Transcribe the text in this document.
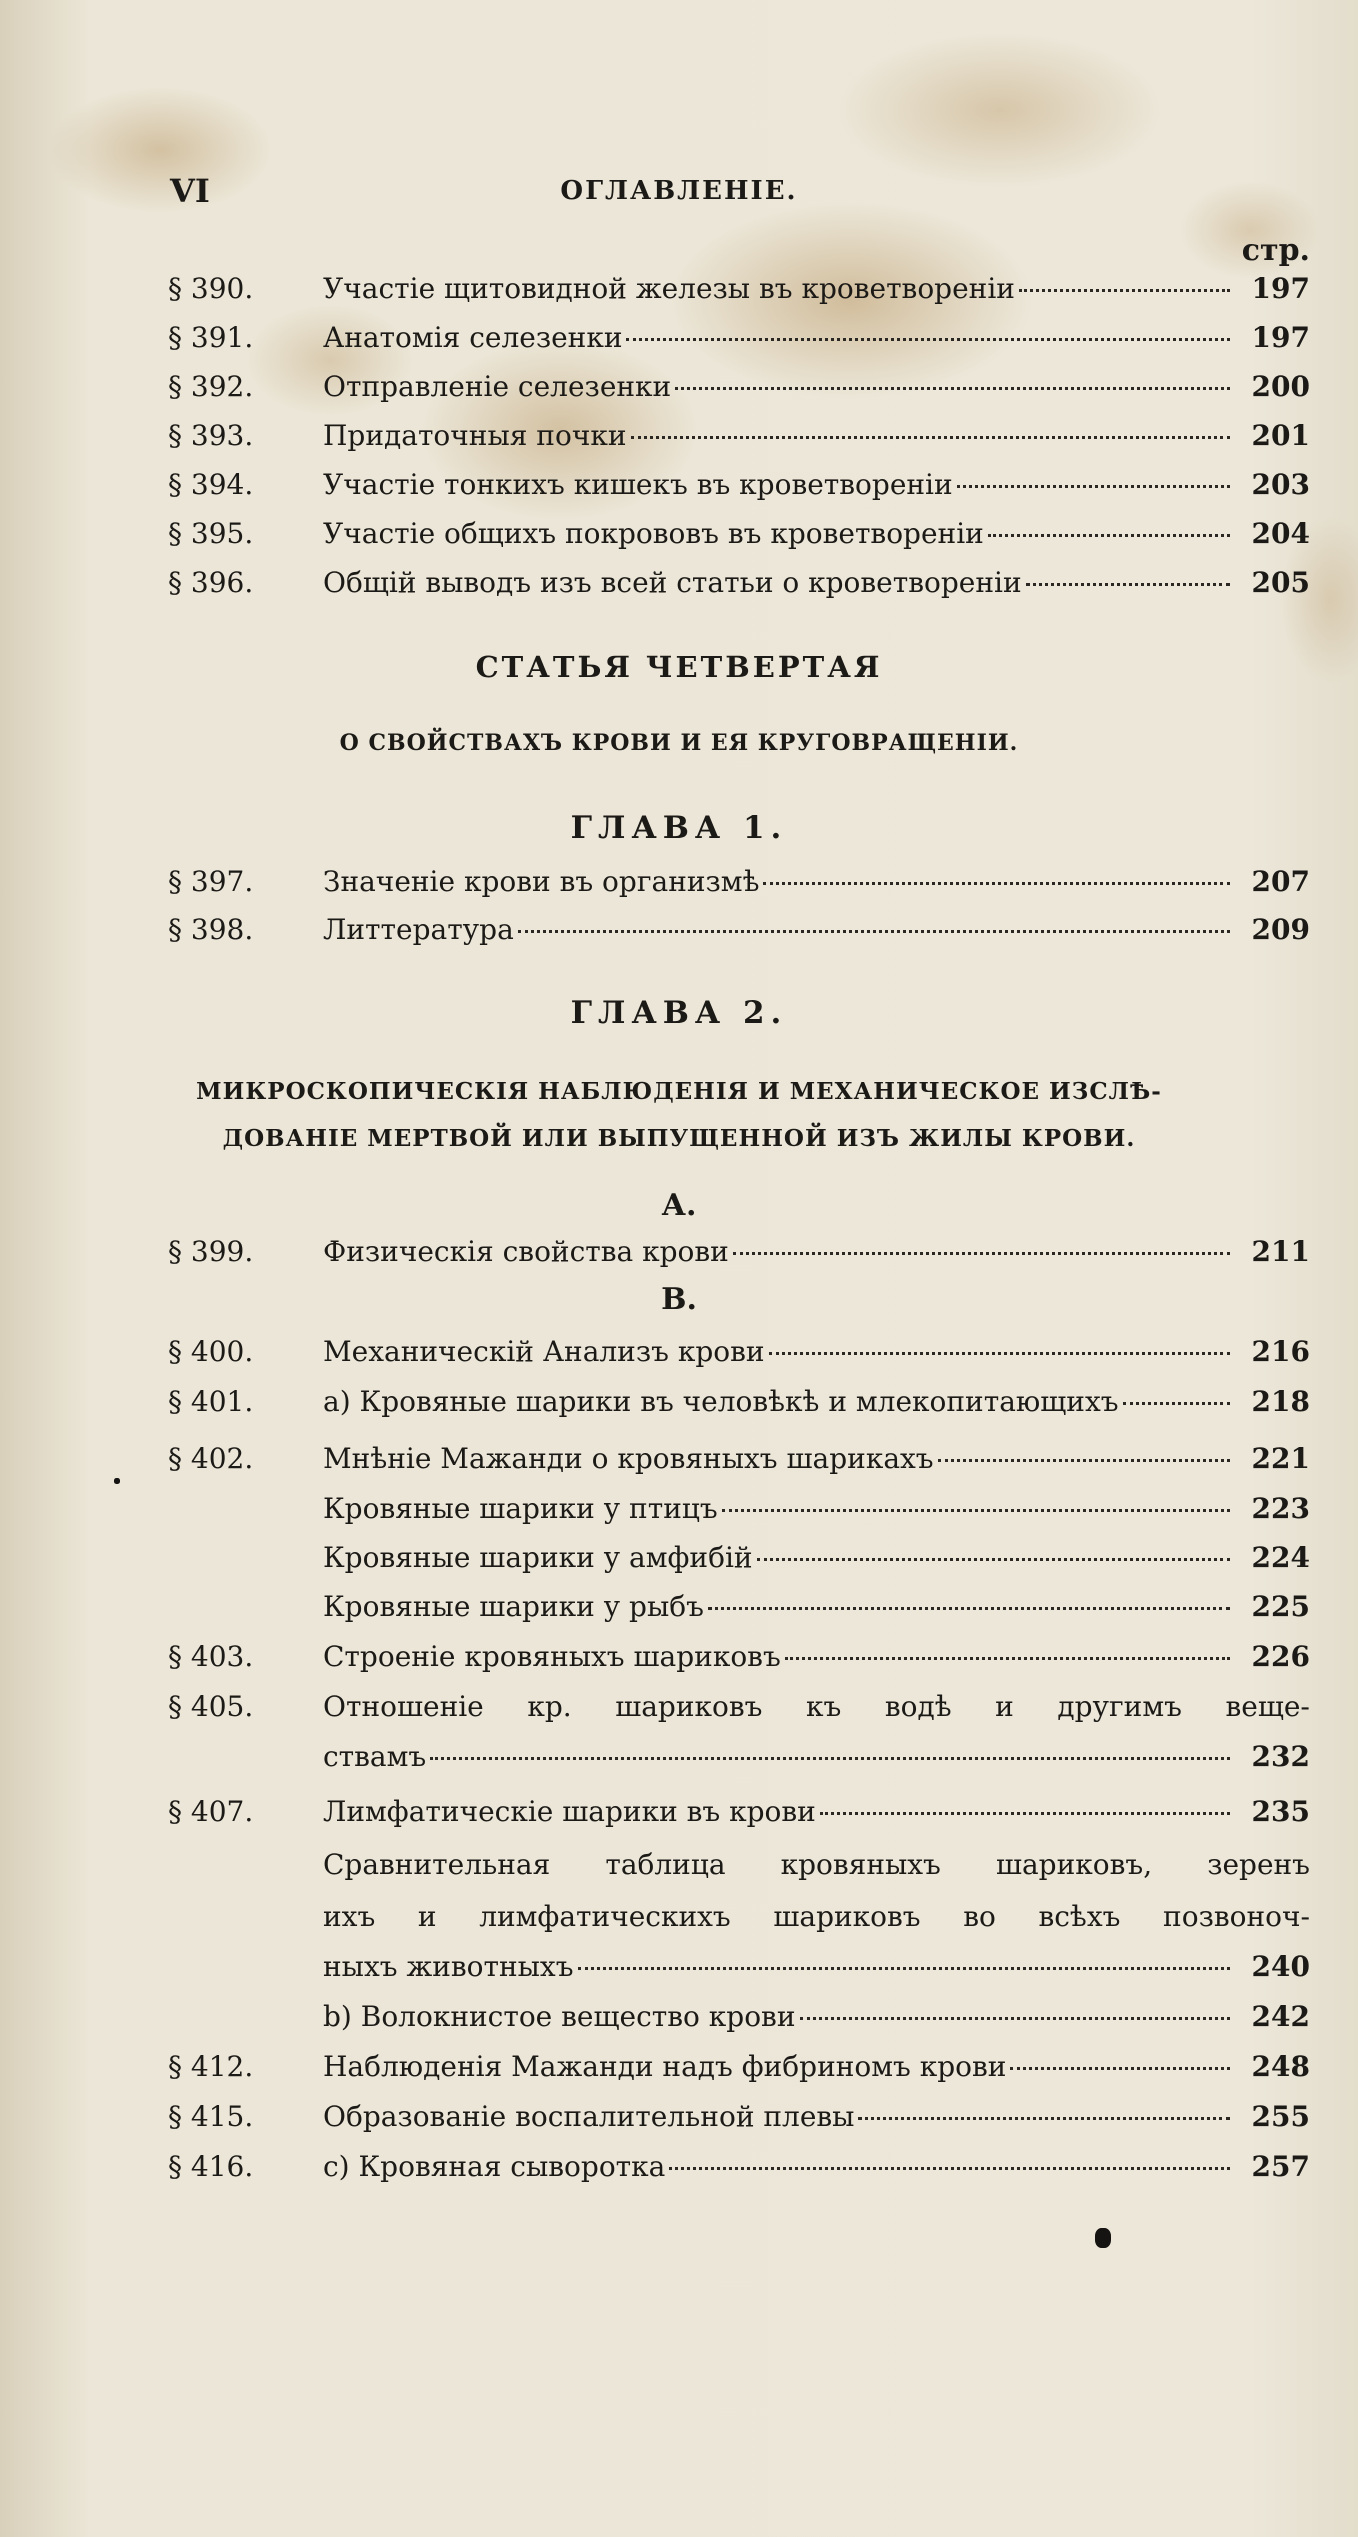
VI	ОГЛАВЛЕНІЕ.
стр.
§ 390.	Участіе щитовидной железы въ кроветвореніи	197
§ 391.	Анатомія селезенки	197
§ 392.	Отправленіе селезенки	200
§ 393.	Придаточныя почки	201
§ 394.	Участіе тонкихъ кишекъ въ кроветвореніи	203
§ 395.	Участіе общихъ покрововъ въ кроветвореніи	204
§ 396.	Общій выводъ изъ всей статьи о кроветвореніи	205
СТАТЬЯ ЧЕТВЕРТАЯ
О СВОЙСТВАХЪ КРОВИ И ЕЯ КРУГОВРАЩЕНІИ.
ГЛАВА 1.
§ 397.	Значеніе крови въ организмѣ	207
§ 398.	Литтература	209
ГЛАВА 2.
МИКРОСКОПИЧЕСКІЯ НАБЛЮДЕНІЯ И МЕХАНИЧЕСКОЕ ИЗСЛѢ-
ДОВАНІЕ МЕРТВОЙ ИЛИ ВЫПУЩЕННОЙ ИЗЪ ЖИЛЫ КРОВИ.
А.
§ 399.	Физическія свойства крови	211
В.
§ 400.	Механическій Анализъ крови	216
§ 401.	а) Кровяные шарики въ человѣкѣ и млекопитающихъ	218
§ 402.	Мнѣніе Мажанди о кровяныхъ шарикахъ	221
Кровяные шарики у птицъ	223
Кровяные шарики у амфибій	224
Кровяные шарики у рыбъ	225
§ 403.	Строеніе кровяныхъ шариковъ	226
§ 405.	Отношеніе кр. шариковъ къ водѣ и другимъ веще-
ствамъ	232
§ 407.	Лимфатическіе шарики въ крови	235
Сравнительная таблица кровяныхъ шариковъ, зеренъ
ихъ и лимфатическихъ шариковъ во всѣхъ позвоноч-
ныхъ животныхъ	240
b) Волокнистое вещество крови	242
§ 412.	Наблюденія Мажанди надъ фибриномъ крови	248
§ 415.	Образованіе воспалительной плевы	255
§ 416.	с) Кровяная сыворотка	257
